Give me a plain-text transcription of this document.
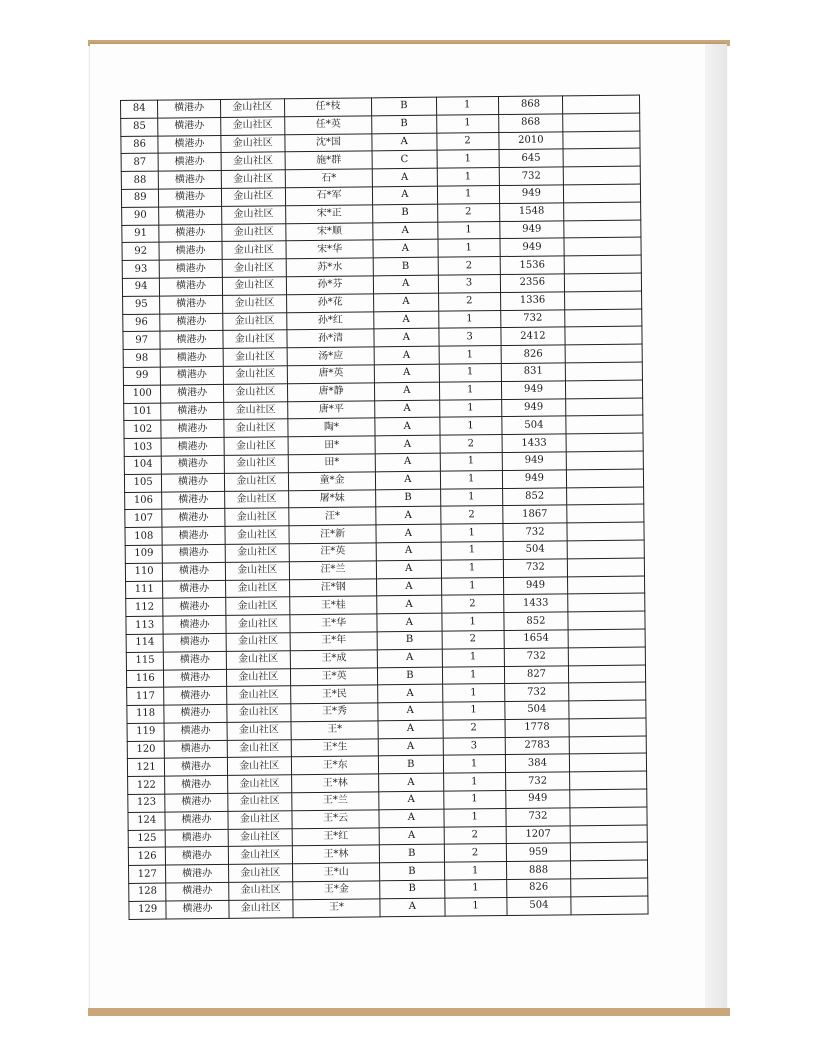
84	横港办	金山社区	任*枝	B	1	868	
85	横港办	金山社区	任*英	B	1	868	
86	横港办	金山社区	沈*国	A	2	2010	
87	横港办	金山社区	施*群	C	1	645	
88	横港办	金山社区	石*	A	1	732	
89	横港办	金山社区	石*军	A	1	949	
90	横港办	金山社区	宋*正	B	2	1548	
91	横港办	金山社区	宋*顺	A	1	949	
92	横港办	金山社区	宋*华	A	1	949	
93	横港办	金山社区	苏*水	B	2	1536	
94	横港办	金山社区	孙*芬	A	3	2356	
95	横港办	金山社区	孙*花	A	2	1336	
96	横港办	金山社区	孙*红	A	1	732	
97	横港办	金山社区	孙*清	A	3	2412	
98	横港办	金山社区	汤*应	A	1	826	
99	横港办	金山社区	唐*英	A	1	831	
100	横港办	金山社区	唐*静	A	1	949	
101	横港办	金山社区	唐*平	A	1	949	
102	横港办	金山社区	陶*	A	1	504	
103	横港办	金山社区	田*	A	2	1433	
104	横港办	金山社区	田*	A	1	949	
105	横港办	金山社区	童*金	A	1	949	
106	横港办	金山社区	屠*妹	B	1	852	
107	横港办	金山社区	汪*	A	2	1867	
108	横港办	金山社区	汪*新	A	1	732	
109	横港办	金山社区	汪*英	A	1	504	
110	横港办	金山社区	汪*兰	A	1	732	
111	横港办	金山社区	汪*钢	A	1	949	
112	横港办	金山社区	王*桂	A	2	1433	
113	横港办	金山社区	王*华	A	1	852	
114	横港办	金山社区	王*年	B	2	1654	
115	横港办	金山社区	王*成	A	1	732	
116	横港办	金山社区	王*英	B	1	827	
117	横港办	金山社区	王*民	A	1	732	
118	横港办	金山社区	王*秀	A	1	504	
119	横港办	金山社区	王*	A	2	1778	
120	横港办	金山社区	王*生	A	3	2783	
121	横港办	金山社区	王*东	B	1	384	
122	横港办	金山社区	王*林	A	1	732	
123	横港办	金山社区	王*兰	A	1	949	
124	横港办	金山社区	王*云	A	1	732	
125	横港办	金山社区	王*红	A	2	1207	
126	横港办	金山社区	王*林	B	2	959	
127	横港办	金山社区	王*山	B	1	888	
128	横港办	金山社区	王*金	B	1	826	
129	横港办	金山社区	王*	A	1	504	
